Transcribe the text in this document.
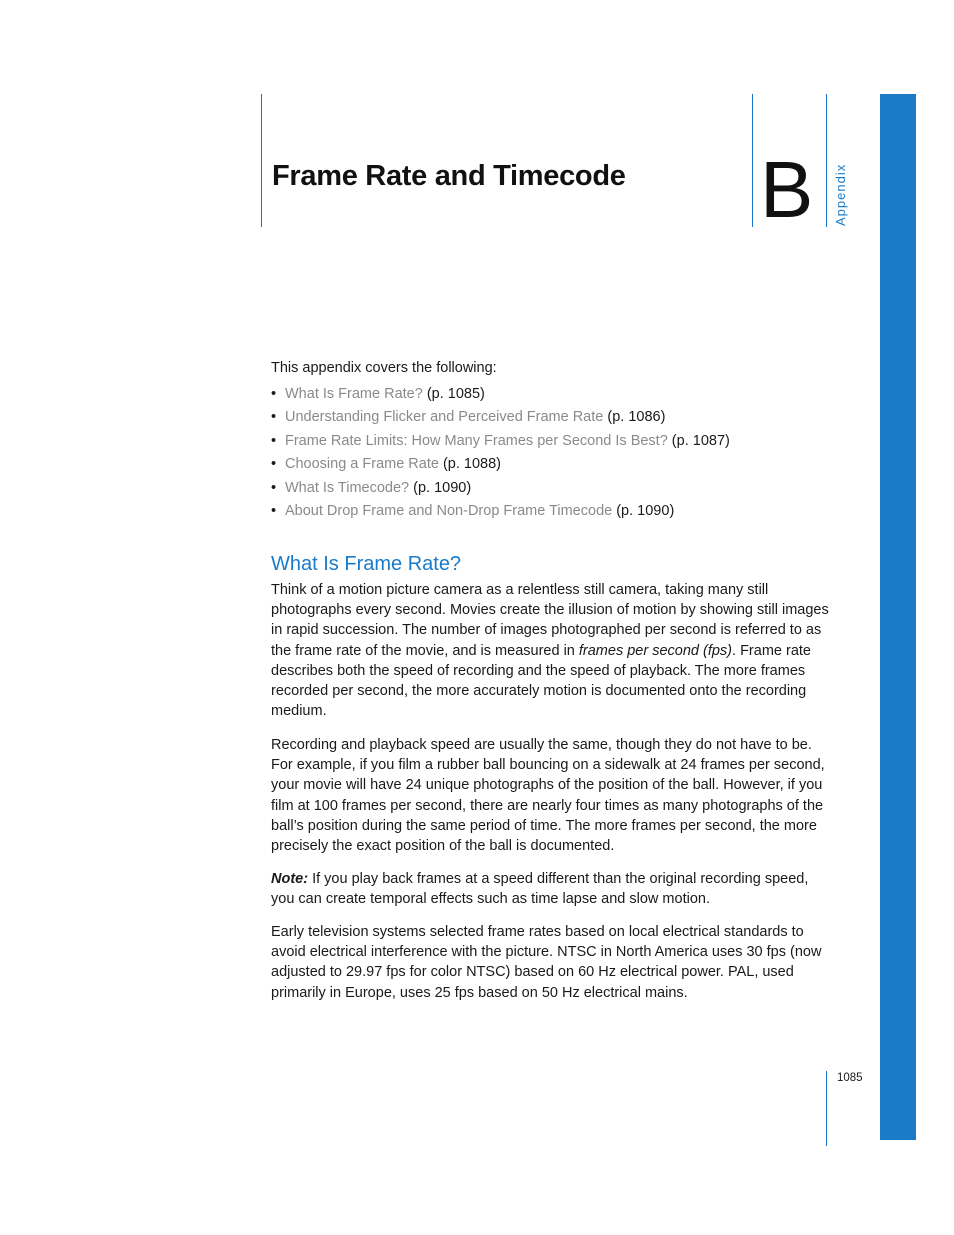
Frame Rate and Timecode B Appendix
This appendix covers the following:
• What Is Frame Rate? (p. 1085)
• Understanding Flicker and Perceived Frame Rate (p. 1086)
• Frame Rate Limits: How Many Frames per Second Is Best? (p. 1087)
• Choosing a Frame Rate (p. 1088)
• What Is Timecode? (p. 1090)
• About Drop Frame and Non-Drop Frame Timecode (p. 1090)
What Is Frame Rate?

Think of a motion picture camera as a relentless still camera, taking many still photographs every second. Movies create the illusion of motion by showing still images in rapid succession. The number of images photographed per second is referred to as the frame rate of the movie, and is measured in frames per second (fps). Frame rate describes both the speed of recording and the speed of playback. The more frames recorded per second, the more accurately motion is documented onto the recording medium.

Recording and playback speed are usually the same, though they do not have to be. For example, if you film a rubber ball bouncing on a sidewalk at 24 frames per second, your movie will have 24 unique photographs of the position of the ball. However, if you film at 100 frames per second, there are nearly four times as many photographs of the ball’s position during the same period of time. The more frames per second, the more precisely the exact position of the ball is documented.

Note: If you play back frames at a speed different than the original recording speed, you can create temporal effects such as time lapse and slow motion.

Early television systems selected frame rates based on local electrical standards to avoid electrical interference with the picture. NTSC in North America uses 30 fps (now adjusted to 29.97 fps for color NTSC) based on 60 Hz electrical power. PAL, used primarily in Europe, uses 25 fps based on 50 Hz electrical mains.

1085
